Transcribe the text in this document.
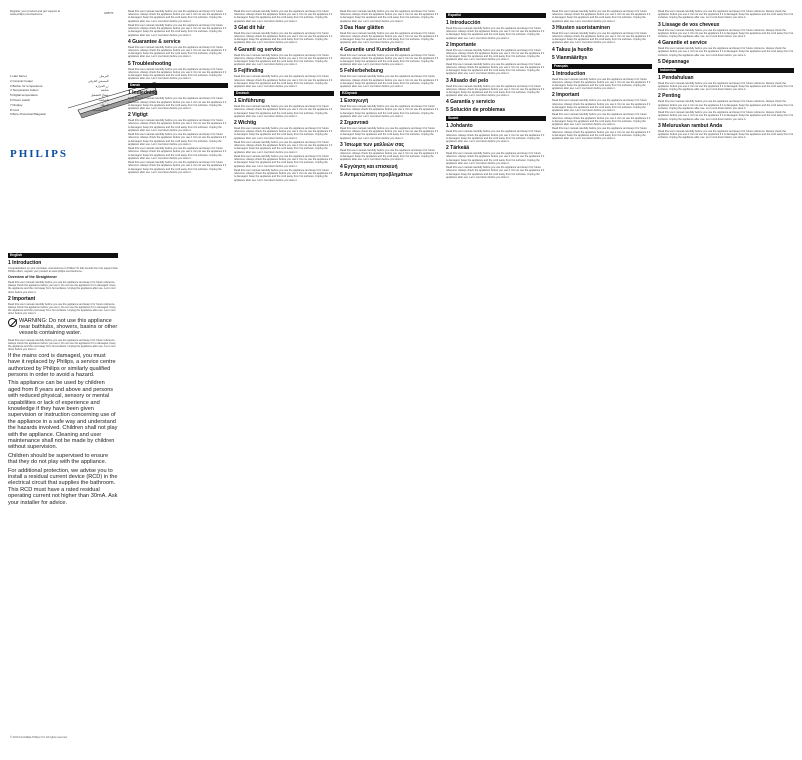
Register your product and get support at www.philips.com/welcome	HP8370
1 Hair barrel
2 Ceramic heater
3 Button for temperature
4 Temperature button
5 Digital temperature
6 Power switch
7 Display
8 Cord
9 Bore Protection/Magnetic
البرميل
المسخن الخزفي
زر الحرارة
شاشة
مفتاح التشغيل
الشاشة
السلك
غطاء الحماية
PHILIPS
English
1 Introduction

Congratulations on your purchase, and welcome to Philips! To fully benefit from the support that Philips offers, register your product at www.philips.com/welcome.

Overview of the Straightener

Read this user manual carefully before you use the appliance and keep it for future reference. Always check the appliance before you use it. Do not use the appliance if it is damaged. Keep the appliance and the cord away from hot surfaces. Unplug the appliance after use. Let it cool down before you store it.

2 Important

Read this user manual carefully before you use the appliance and keep it for future reference. Always check the appliance before you use it. Do not use the appliance if it is damaged. Keep the appliance and the cord away from hot surfaces. Unplug the appliance after use. Let it cool down before you store it.

WARNING: Do not use this appliance near bathtubs, showers, basins or other vessels containing water.

Read this user manual carefully before you use the appliance and keep it for future reference. Always check the appliance before you use it. Do not use the appliance if it is damaged. Keep the appliance and the cord away from hot surfaces. Unplug the appliance after use. Let it cool down before you store it.

If the mains cord is damaged, you must have it replaced by Philips, a service centre authorized by Philips or similarly qualified persons in order to avoid a hazard.
This appliance can be used by children aged from 8 years and above and persons with reduced physical, sensory or mental capabilities or lack of experience and knowledge if they have been given supervision or instruction concerning use of the appliance in a safe way and understand the hazards involved. Children shall not play with the appliance. Cleaning and user maintenance shall not be made by children without supervision.
Children should be supervised to ensure that they do not play with the appliance.
For additional protection, we advise you to install a residual current device (RCD) in the electrical circuit that supplies the bathroom. This RCD must have a rated residual operating current not higher than 30mA. Ask your installer for advice.

Read this user manual carefully before you use the appliance and keep it for future reference. Always check the appliance before you use it. Do not use the appliance if it is damaged. Keep the appliance and the cord away from hot surfaces. Unplug the appliance after use. Let it cool down before you store it.

Read this user manual carefully before you use the appliance and keep it for future reference. Always check the appliance before you use it. Do not use the appliance if it is damaged. Keep the appliance and the cord away from hot surfaces. Unplug the appliance after use. Let it cool down before you store it.

4 Guarantee & service

Read this user manual carefully before you use the appliance and keep it for future reference. Always check the appliance before you use it. Do not use the appliance if it is damaged. Keep the appliance and the cord away from hot surfaces. Unplug the appliance after use. Let it cool down before you store it.

5 Troubleshooting

Read this user manual carefully before you use the appliance and keep it for future reference. Always check the appliance before you use it. Do not use the appliance if it is damaged. Keep the appliance and the cord away from hot surfaces. Unplug the appliance after use. Let it cool down before you store it.

Dansk
1 Indledning

Read this user manual carefully before you use the appliance and keep it for future reference. Always check the appliance before you use it. Do not use the appliance if it is damaged. Keep the appliance and the cord away from hot surfaces. Unplug the appliance after use. Let it cool down before you store it.

2 Vigtigt

Read this user manual carefully before you use the appliance and keep it for future reference. Always check the appliance before you use it. Do not use the appliance if it is damaged. Keep the appliance and the cord away from hot surfaces. Unplug the appliance after use. Let it cool down before you store it.

Read this user manual carefully before you use the appliance and keep it for future reference. Always check the appliance before you use it. Do not use the appliance if it is damaged. Keep the appliance and the cord away from hot surfaces. Unplug the appliance after use. Let it cool down before you store it.

Read this user manual carefully before you use the appliance and keep it for future reference. Always check the appliance before you use it. Do not use the appliance if it is damaged. Keep the appliance and the cord away from hot surfaces. Unplug the appliance after use. Let it cool down before you store it.

Read this user manual carefully before you use the appliance and keep it for future reference. Always check the appliance before you use it. Do not use the appliance if it is damaged. Keep the appliance and the cord away from hot surfaces. Unplug the appliance after use. Let it cool down before you store it.

Read this user manual carefully before you use the appliance and keep it for future reference. Always check the appliance before you use it. Do not use the appliance if it is damaged. Keep the appliance and the cord away from hot surfaces. Unplug the appliance after use. Let it cool down before you store it.

3 Glat dit hår

Read this user manual carefully before you use the appliance and keep it for future reference. Always check the appliance before you use it. Do not use the appliance if it is damaged. Keep the appliance and the cord away from hot surfaces. Unplug the appliance after use. Let it cool down before you store it.

4 Garanti og service

Read this user manual carefully before you use the appliance and keep it for future reference. Always check the appliance before you use it. Do not use the appliance if it is damaged. Keep the appliance and the cord away from hot surfaces. Unplug the appliance after use. Let it cool down before you store it.

5 Fejlfinding

Read this user manual carefully before you use the appliance and keep it for future reference. Always check the appliance before you use it. Do not use the appliance if it is damaged. Keep the appliance and the cord away from hot surfaces. Unplug the appliance after use. Let it cool down before you store it.

Deutsch
1 Einführung

Read this user manual carefully before you use the appliance and keep it for future reference. Always check the appliance before you use it. Do not use the appliance if it is damaged. Keep the appliance and the cord away from hot surfaces. Unplug the appliance after use. Let it cool down before you store it.

2 Wichtig

Read this user manual carefully before you use the appliance and keep it for future reference. Always check the appliance before you use it. Do not use the appliance if it is damaged. Keep the appliance and the cord away from hot surfaces. Unplug the appliance after use. Let it cool down before you store it.

Read this user manual carefully before you use the appliance and keep it for future reference. Always check the appliance before you use it. Do not use the appliance if it is damaged. Keep the appliance and the cord away from hot surfaces. Unplug the appliance after use. Let it cool down before you store it.

Read this user manual carefully before you use the appliance and keep it for future reference. Always check the appliance before you use it. Do not use the appliance if it is damaged. Keep the appliance and the cord away from hot surfaces. Unplug the appliance after use. Let it cool down before you store it.

Read this user manual carefully before you use the appliance and keep it for future reference. Always check the appliance before you use it. Do not use the appliance if it is damaged. Keep the appliance and the cord away from hot surfaces. Unplug the appliance after use. Let it cool down before you store it.

Read this user manual carefully before you use the appliance and keep it for future reference. Always check the appliance before you use it. Do not use the appliance if it is damaged. Keep the appliance and the cord away from hot surfaces. Unplug the appliance after use. Let it cool down before you store it.

3 Das Haar glätten

Read this user manual carefully before you use the appliance and keep it for future reference. Always check the appliance before you use it. Do not use the appliance if it is damaged. Keep the appliance and the cord away from hot surfaces. Unplug the appliance after use. Let it cool down before you store it.

4 Garantie und Kundendienst

Read this user manual carefully before you use the appliance and keep it for future reference. Always check the appliance before you use it. Do not use the appliance if it is damaged. Keep the appliance and the cord away from hot surfaces. Unplug the appliance after use. Let it cool down before you store it.

5 Fehlerbehebung

Read this user manual carefully before you use the appliance and keep it for future reference. Always check the appliance before you use it. Do not use the appliance if it is damaged. Keep the appliance and the cord away from hot surfaces. Unplug the appliance after use. Let it cool down before you store it.

Ελληνικά
1 Εισαγωγή

Read this user manual carefully before you use the appliance and keep it for future reference. Always check the appliance before you use it. Do not use the appliance if it is damaged. Keep the appliance and the cord away from hot surfaces. Unplug the appliance after use. Let it cool down before you store it.

2 Σημαντικό

Read this user manual carefully before you use the appliance and keep it for future reference. Always check the appliance before you use it. Do not use the appliance if it is damaged. Keep the appliance and the cord away from hot surfaces. Unplug the appliance after use. Let it cool down before you store it.

3 Ίσιωμα των μαλλιών σας

Read this user manual carefully before you use the appliance and keep it for future reference. Always check the appliance before you use it. Do not use the appliance if it is damaged. Keep the appliance and the cord away from hot surfaces. Unplug the appliance after use. Let it cool down before you store it.

4 Εγγύηση και επισκευή
5 Αντιμετώπιση προβλημάτων
Español
1 Introducción

Read this user manual carefully before you use the appliance and keep it for future reference. Always check the appliance before you use it. Do not use the appliance if it is damaged. Keep the appliance and the cord away from hot surfaces. Unplug the appliance after use. Let it cool down before you store it.

2 Importante

Read this user manual carefully before you use the appliance and keep it for future reference. Always check the appliance before you use it. Do not use the appliance if it is damaged. Keep the appliance and the cord away from hot surfaces. Unplug the appliance after use. Let it cool down before you store it.

Read this user manual carefully before you use the appliance and keep it for future reference. Always check the appliance before you use it. Do not use the appliance if it is damaged. Keep the appliance and the cord away from hot surfaces. Unplug the appliance after use. Let it cool down before you store it.

3 Alisado del pelo

Read this user manual carefully before you use the appliance and keep it for future reference. Always check the appliance before you use it. Do not use the appliance if it is damaged. Keep the appliance and the cord away from hot surfaces. Unplug the appliance after use. Let it cool down before you store it.

4 Garantía y servicio
5 Solución de problemas
Suomi
1 Johdanto

Read this user manual carefully before you use the appliance and keep it for future reference. Always check the appliance before you use it. Do not use the appliance if it is damaged. Keep the appliance and the cord away from hot surfaces. Unplug the appliance after use. Let it cool down before you store it.

2 Tärkeää

Read this user manual carefully before you use the appliance and keep it for future reference. Always check the appliance before you use it. Do not use the appliance if it is damaged. Keep the appliance and the cord away from hot surfaces. Unplug the appliance after use. Let it cool down before you store it.

Read this user manual carefully before you use the appliance and keep it for future reference. Always check the appliance before you use it. Do not use the appliance if it is damaged. Keep the appliance and the cord away from hot surfaces. Unplug the appliance after use. Let it cool down before you store it.

Read this user manual carefully before you use the appliance and keep it for future reference. Always check the appliance before you use it. Do not use the appliance if it is damaged. Keep the appliance and the cord away from hot surfaces. Unplug the appliance after use. Let it cool down before you store it.

3 Hiusten suoristaminen

Read this user manual carefully before you use the appliance and keep it for future reference. Always check the appliance before you use it. Do not use the appliance if it is damaged. Keep the appliance and the cord away from hot surfaces. Unplug the appliance after use. Let it cool down before you store it.

4 Takuu ja huolto
5 Vianmääritys
Français
1 Introduction

Read this user manual carefully before you use the appliance and keep it for future reference. Always check the appliance before you use it. Do not use the appliance if it is damaged. Keep the appliance and the cord away from hot surfaces. Unplug the appliance after use. Let it cool down before you store it.

2 Important

Read this user manual carefully before you use the appliance and keep it for future reference. Always check the appliance before you use it. Do not use the appliance if it is damaged. Keep the appliance and the cord away from hot surfaces. Unplug the appliance after use. Let it cool down before you store it.

Read this user manual carefully before you use the appliance and keep it for future reference. Always check the appliance before you use it. Do not use the appliance if it is damaged. Keep the appliance and the cord away from hot surfaces. Unplug the appliance after use. Let it cool down before you store it.

Read this user manual carefully before you use the appliance and keep it for future reference. Always check the appliance before you use it. Do not use the appliance if it is damaged. Keep the appliance and the cord away from hot surfaces. Unplug the appliance after use. Let it cool down before you store it.

Read this user manual carefully before you use the appliance and keep it for future reference. Always check the appliance before you use it. Do not use the appliance if it is damaged. Keep the appliance and the cord away from hot surfaces. Unplug the appliance after use. Let it cool down before you store it.

3 Lissage de vos cheveux

Read this user manual carefully before you use the appliance and keep it for future reference. Always check the appliance before you use it. Do not use the appliance if it is damaged. Keep the appliance and the cord away from hot surfaces. Unplug the appliance after use. Let it cool down before you store it.

4 Garantie et service

Read this user manual carefully before you use the appliance and keep it for future reference. Always check the appliance before you use it. Do not use the appliance if it is damaged. Keep the appliance and the cord away from hot surfaces. Unplug the appliance after use. Let it cool down before you store it.

5 Dépannage
Indonesia
1 Pendahuluan

Read this user manual carefully before you use the appliance and keep it for future reference. Always check the appliance before you use it. Do not use the appliance if it is damaged. Keep the appliance and the cord away from hot surfaces. Unplug the appliance after use. Let it cool down before you store it.

2 Penting

Read this user manual carefully before you use the appliance and keep it for future reference. Always check the appliance before you use it. Do not use the appliance if it is damaged. Keep the appliance and the cord away from hot surfaces. Unplug the appliance after use. Let it cool down before you store it.

Read this user manual carefully before you use the appliance and keep it for future reference. Always check the appliance before you use it. Do not use the appliance if it is damaged. Keep the appliance and the cord away from hot surfaces. Unplug the appliance after use. Let it cool down before you store it.

3 Meluruskan rambut Anda

Read this user manual carefully before you use the appliance and keep it for future reference. Always check the appliance before you use it. Do not use the appliance if it is damaged. Keep the appliance and the cord away from hot surfaces. Unplug the appliance after use. Let it cool down before you store it.

© 2013 Koninklijke Philips N.V. All rights reserved.
